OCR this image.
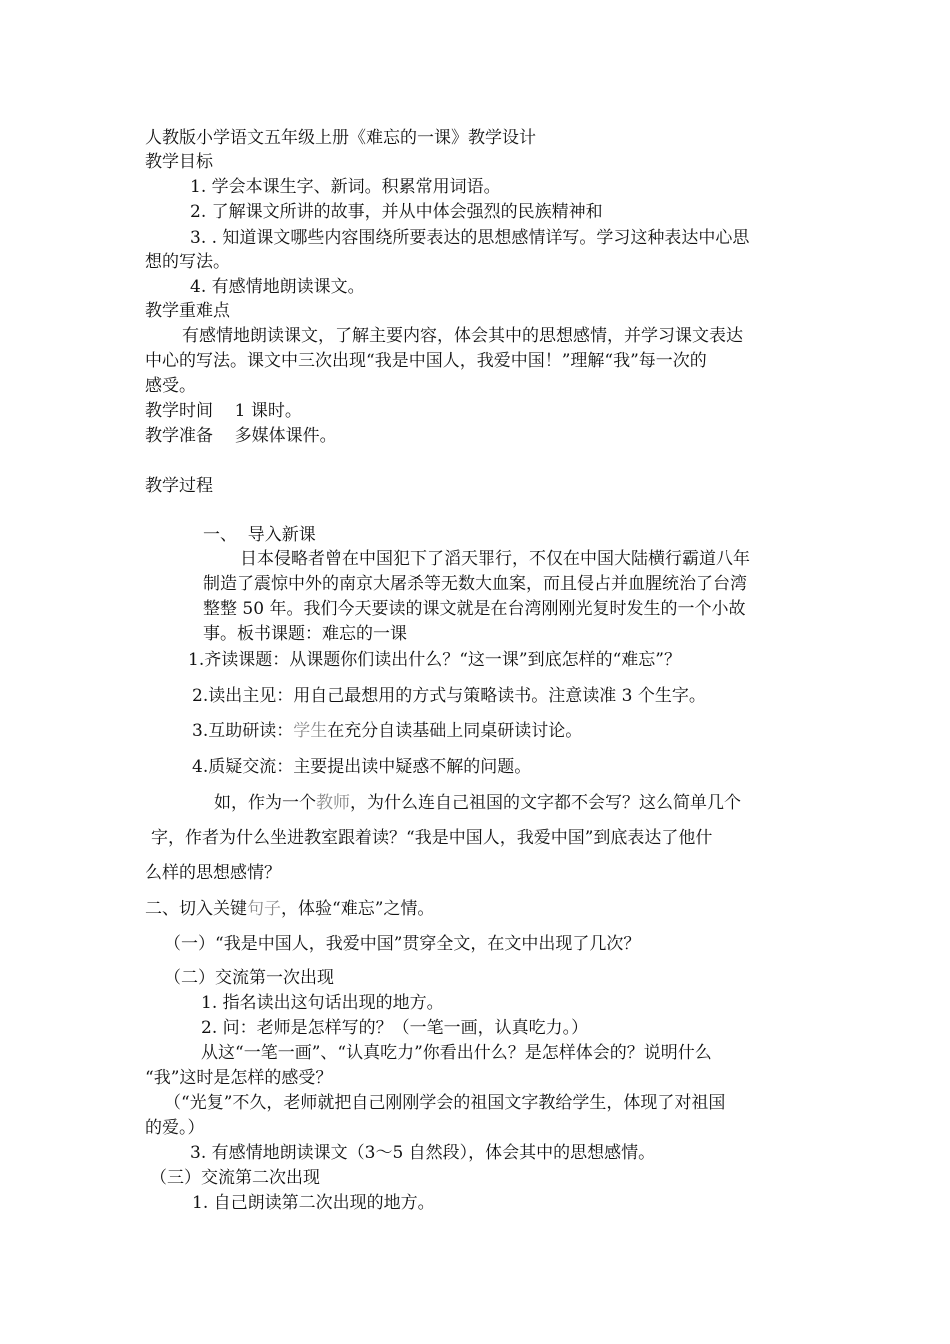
人教版小学语文五年级上册《难忘的一课》教学设计
教学目标
1. 学会本课生字、新词。积累常用词语。
2. 了解课文所讲的故事，并从中体会强烈的民族精神和
3. . 知道课文哪些内容围绕所要表达的思想感情详写。学习这种表达中心思
想的写法。
4. 有感情地朗读课文。
教学重难点
有感情地朗读课文，了解主要内容，体会其中的思想感情，并学习课文表达
中心的写法。课文中三次出现“我是中国人，我爱中国！”理解“我”每一次的
感受。
教学时间    1 课时。
教学准备    多媒体课件。
教学过程
一、  导入新课
日本侵略者曾在中国犯下了滔天罪行，不仅在中国大陆横行霸道八年
制造了震惊中外的南京大屠杀等无数大血案，而且侵占并血腥统治了台湾
整整 50 年。我们今天要读的课文就是在台湾刚刚光复时发生的一个小故
事。板书课题：难忘的一课
1.齐读课题：从课题你们读出什么？“这一课”到底怎样的“难忘”？
2.读出主见：用自己最想用的方式与策略读书。注意读准 3 个生字。
3.互助研读：学生在充分自读基础上同桌研读讨论。
4.质疑交流：主要提出读中疑惑不解的问题。
如，作为一个教师，为什么连自己祖国的文字都不会写？这么简单几个
字，作者为什么坐进教室跟着读？“我是中国人，我爱中国”到底表达了他什
么样的思想感情？
二、切入关键句子，体验“难忘”之情。
（一）“我是中国人，我爱中国”贯穿全文，在文中出现了几次？
（二）交流第一次出现
1. 指名读出这句话出现的地方。
2. 问：老师是怎样写的？（一笔一画，认真吃力。）
从这“一笔一画”、“认真吃力”你看出什么？是怎样体会的？说明什么
“我”这时是怎样的感受？
（“光复”不久，老师就把自己刚刚学会的祖国文字教给学生，体现了对祖国
的爱。）
3. 有感情地朗读课文（3～5 自然段），体会其中的思想感情。
（三）交流第二次出现
1. 自己朗读第二次出现的地方。
